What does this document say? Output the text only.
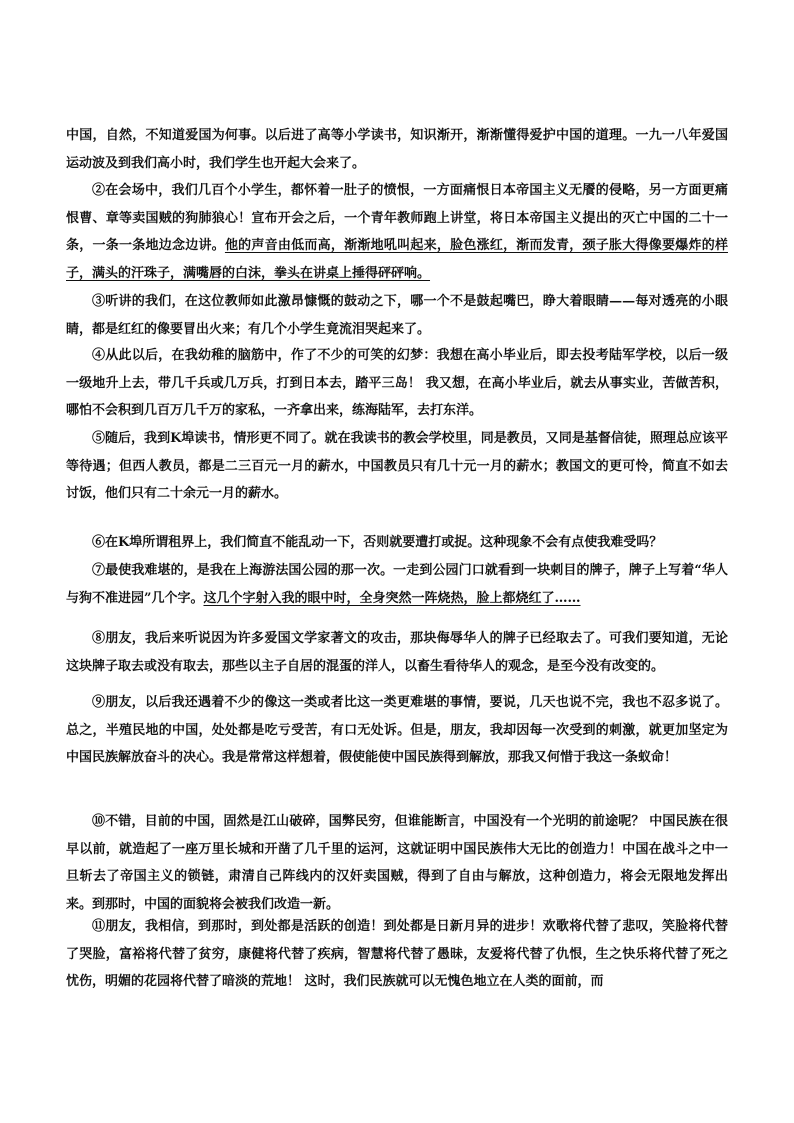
中国，自然，不知道爱国为何事。以后进了高等小学读书，知识渐开，渐渐懂得爱护中国的道理。一九一八年爱国运动波及到我们高小时，我们学生也开起大会来了。
②在会场中，我们几百个小学生，都怀着一肚子的愤恨，一方面痛恨日本帝国主义无餍的侵略，另一方面更痛恨曹、章等卖国贼的狗肺狼心！宣布开会之后，一个青年教师跑上讲堂，将日本帝国主义提出的灭亡中国的二十一条，一条一条地边念边讲。他的声音由低而高，渐渐地吼叫起来，脸色涨红，渐而发青，颈子胀大得像要爆炸的样子，满头的汗珠子，满嘴唇的白沫，拳头在讲桌上捶得砰砰响。
③听讲的我们，在这位教师如此激昂慷慨的鼓动之下，哪一个不是鼓起嘴巴，睁大着眼睛——每对透亮的小眼睛，都是红红的像要冒出火来；有几个小学生竟流泪哭起来了。
④从此以后，在我幼稚的脑筋中，作了不少的可笑的幻梦：我想在高小毕业后，即去投考陆军学校，以后一级一级地升上去，带几千兵或几万兵，打到日本去，踏平三岛！ 我又想，在高小毕业后，就去从事实业，苦做苦积，哪怕不会积到几百万几千万的家私，一齐拿出来，练海陆军，去打东洋。
⑤随后，我到K埠读书，情形更不同了。就在我读书的教会学校里，同是教员，又同是基督信徒，照理总应该平等待遇；但西人教员，都是二三百元一月的薪水，中国教员只有几十元一月的薪水；教国文的更可怜，简直不如去讨饭，他们只有二十余元一月的薪水。
⑥在K埠所谓租界上，我们简直不能乱动一下，否则就要遭打或捉。这种现象不会有点使我难受吗？
⑦最使我难堪的，是我在上海游法国公园的那一次。一走到公园门口就看到一块刺目的牌子，牌子上写着“华人与狗不准进园”几个字。这几个字射入我的眼中时，全身突然一阵烧热，脸上都烧红了……
⑧朋友，我后来听说因为许多爱国文学家著文的攻击，那块侮辱华人的牌子已经取去了。可我们要知道，无论这块牌子取去或没有取去，那些以主子自居的混蛋的洋人，以畜生看待华人的观念，是至今没有改变的。
⑨朋友，以后我还遇着不少的像这一类或者比这一类更难堪的事情，要说，几天也说不完，我也不忍多说了。总之，半殖民地的中国，处处都是吃亏受苦，有口无处诉。但是，朋友，我却因每一次受到的刺激，就更加坚定为中国民族解放奋斗的决心。我是常常这样想着，假使能使中国民族得到解放，那我又何惜于我这一条蚁命！
⑩不错，目前的中国，固然是江山破碎，国弊民穷，但谁能断言，中国没有一个光明的前途呢？ 中国民族在很早以前，就造起了一座万里长城和开凿了几千里的运河，这就证明中国民族伟大无比的创造力！中国在战斗之中一旦斩去了帝国主义的锁链，肃清自己阵线内的汉奸卖国贼，得到了自由与解放，这种创造力，将会无限地发挥出来。到那时，中国的面貌将会被我们改造一新。
⑪朋友，我相信，到那时，到处都是活跃的创造！到处都是日新月异的进步！欢歌将代替了悲叹，笑脸将代替了哭脸，富裕将代替了贫穷，康健将代替了疾病，智慧将代替了愚昧，友爱将代替了仇恨，生之快乐将代替了死之忧伤，明媚的花园将代替了暗淡的荒地！ 这时，我们民族就可以无愧色地立在人类的面前，而
